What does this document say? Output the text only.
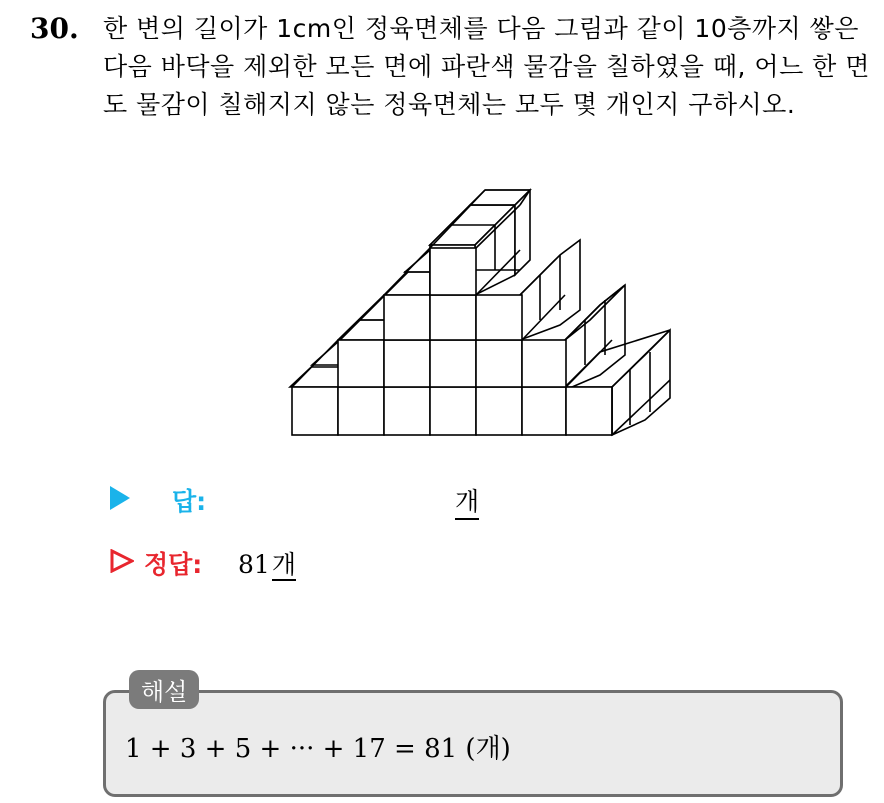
30. 한 변의 길이가 1cm인 정육면체를 다음 그림과 같이 10층까지 쌓은 다음 바닥을 제외한 모든 면에 파란색 물감을 칠하였을 때, 어느 한 면도 물감이 칠해지지 않는 정육면체는 모두 몇 개인지 구하시오.
답:	개
정답: 81개
해설
1 + 3 + 5 + ··· + 17 = 81 (개)
